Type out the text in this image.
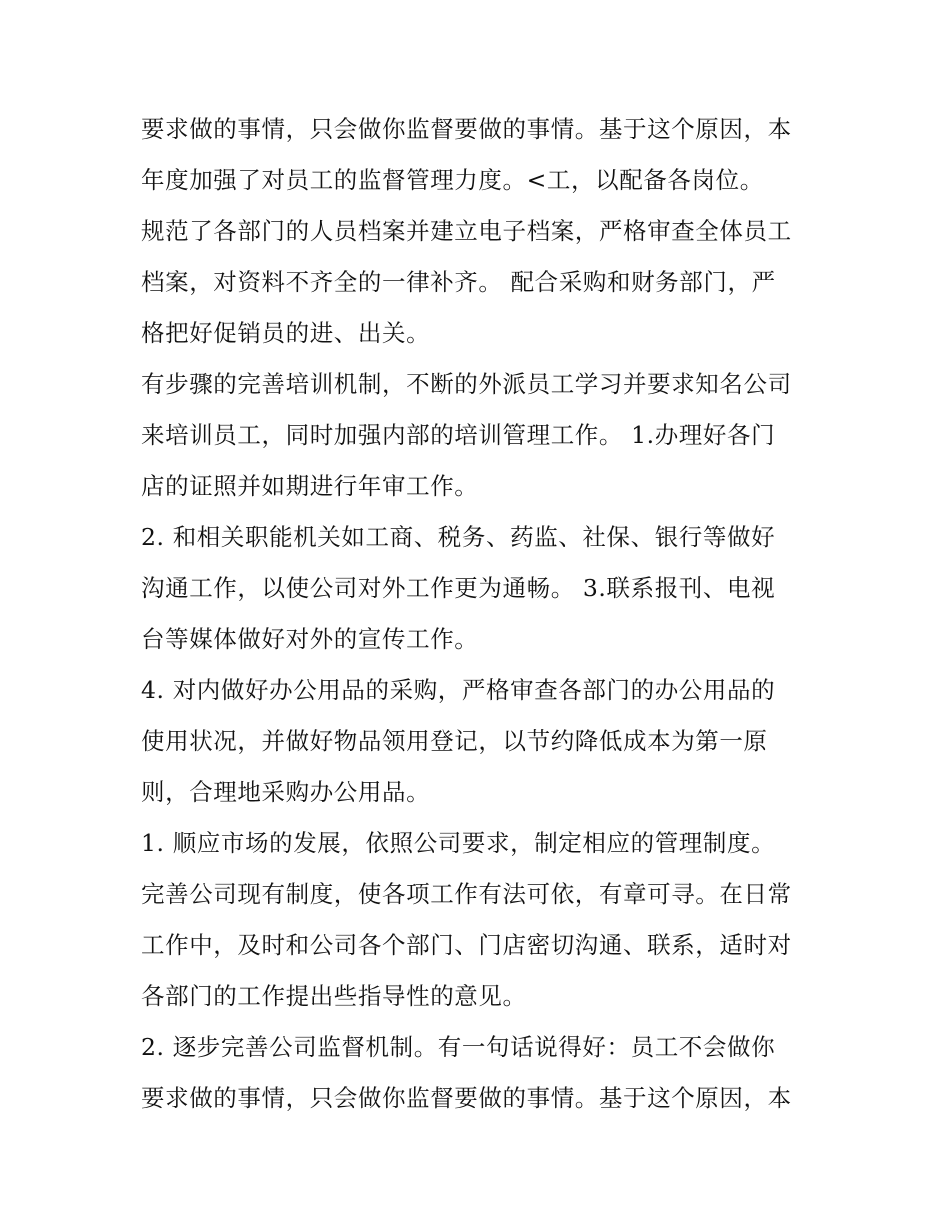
要求做的事情，只会做你监督要做的事情。基于这个原因，本
年度加强了对员工的监督管理力度。<工，以配备各岗位。
规范了各部门的人员档案并建立电子档案，严格审查全体员工
档案，对资料不齐全的一律补齐。 配合采购和财务部门，严
格把好促销员的进、出关。
有步骤的完善培训机制，不断的外派员工学习并要求知名公司
来培训员工，同时加强内部的培训管理工作。 1.办理好各门
店的证照并如期进行年审工作。
2. 和相关职能机关如工商、税务、药监、社保、银行等做好
沟通工作，以使公司对外工作更为通畅。 3.联系报刊、电视
台等媒体做好对外的宣传工作。
4. 对内做好办公用品的采购，严格审查各部门的办公用品的
使用状况，并做好物品领用登记，以节约降低成本为第一原
则，合理地采购办公用品。
1. 顺应市场的发展，依照公司要求，制定相应的管理制度。
完善公司现有制度，使各项工作有法可依，有章可寻。在日常
工作中，及时和公司各个部门、门店密切沟通、联系，适时对
各部门的工作提出些指导性的意见。
2. 逐步完善公司监督机制。有一句话说得好：员工不会做你
要求做的事情，只会做你监督要做的事情。基于这个原因，本
